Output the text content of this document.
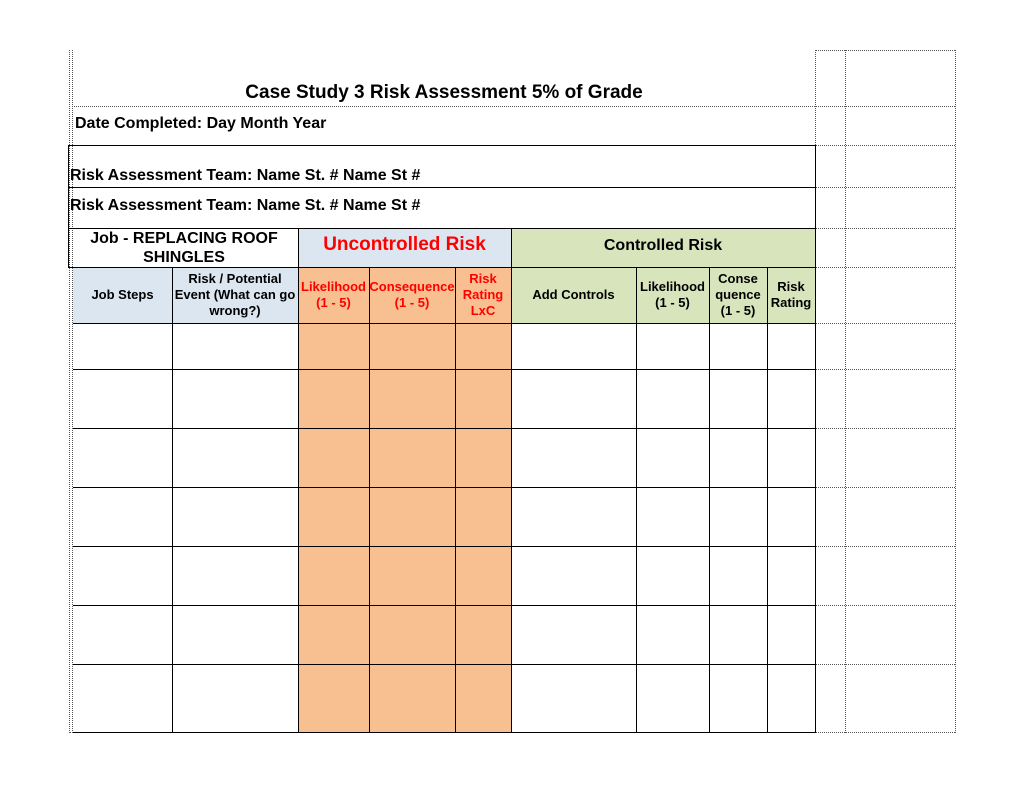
Case Study 3 Risk Assessment 5% of Grade
Date Completed: Day Month Year
Risk Assessment Team: Name St. # Name St #
Risk Assessment Team: Name St. # Name St #
Job - REPLACING ROOF SHINGLES
Uncontrolled Risk	Controlled Risk
Job Steps
Risk / Potential Event (What can go wrong?)
Likelihood (1 - 5)
Consequence (1 - 5)
Risk Rating LxC
Add Controls
Likelihood (1 - 5)
Conse quence (1 - 5)
Risk Rating
